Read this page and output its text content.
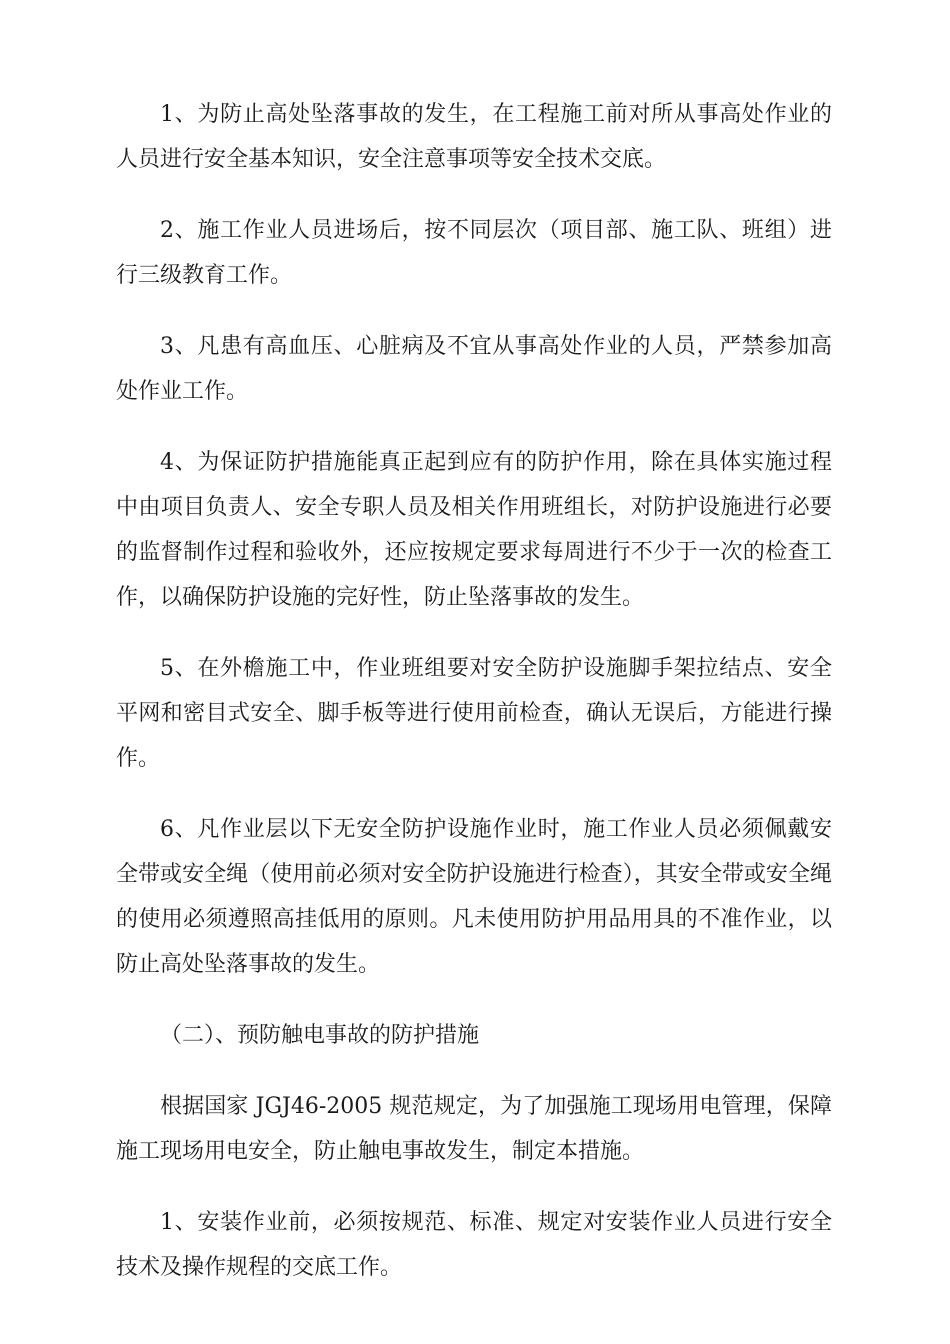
1、为防止高处坠落事故的发生，在工程施工前对所从事高处作业的人员进行安全基本知识，安全注意事项等安全技术交底。

2、施工作业人员进场后，按不同层次（项目部、施工队、班组）进行三级教育工作。

3、凡患有高血压、心脏病及不宜从事高处作业的人员，严禁参加高处作业工作。

4、为保证防护措施能真正起到应有的防护作用，除在具体实施过程中由项目负责人、安全专职人员及相关作用班组长，对防护设施进行必要的监督制作过程和验收外，还应按规定要求每周进行不少于一次的检查工作，以确保防护设施的完好性，防止坠落事故的发生。

5、在外檐施工中，作业班组要对安全防护设施脚手架拉结点、安全平网和密目式安全、脚手板等进行使用前检查，确认无误后，方能进行操作。

6、凡作业层以下无安全防护设施作业时，施工作业人员必须佩戴安全带或安全绳（使用前必须对安全防护设施进行检查），其安全带或安全绳的使用必须遵照高挂低用的原则。凡未使用防护用品用具的不准作业，以防止高处坠落事故的发生。

（二）、预防触电事故的防护措施

根据国家 JGJ46-2005 规范规定，为了加强施工现场用电管理，保障施工现场用电安全，防止触电事故发生，制定本措施。

1、安装作业前，必须按规范、标准、规定对安装作业人员进行安全技术及操作规程的交底工作。
